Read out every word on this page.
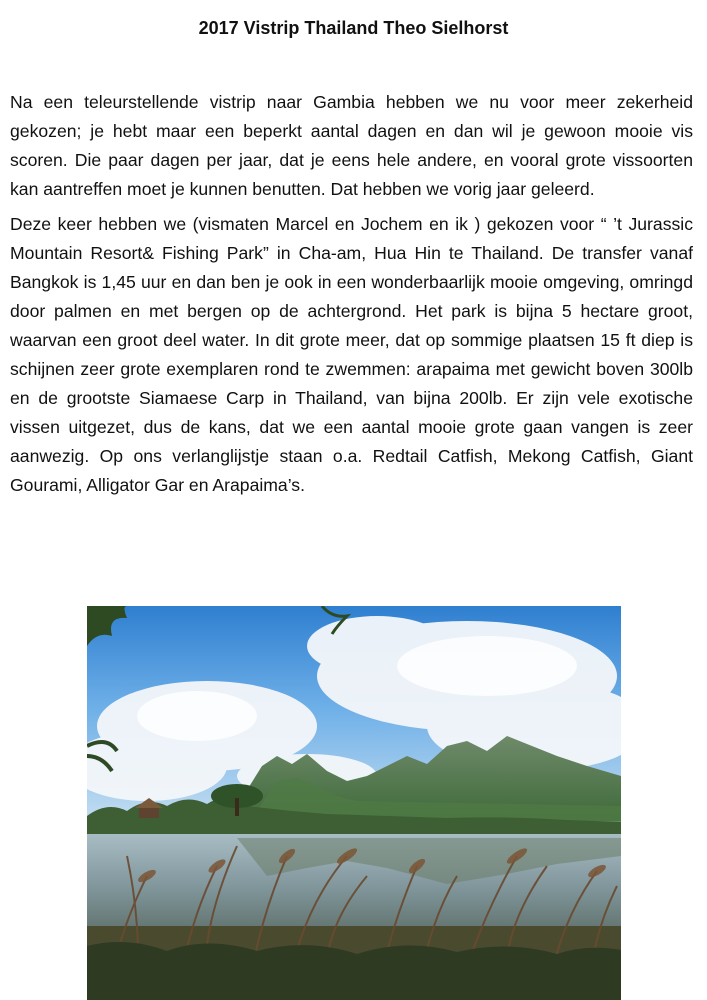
2017 Vistrip Thailand Theo Sielhorst

Na een teleurstellende vistrip naar Gambia hebben we nu voor meer zekerheid gekozen; je hebt maar een beperkt aantal dagen en dan wil je gewoon mooie vis scoren. Die paar dagen per jaar, dat je eens hele andere, en vooral grote vissoorten kan aantreffen moet je kunnen benutten. Dat hebben we vorig jaar geleerd.

Deze keer hebben we (vismaten Marcel en Jochem en ik ) gekozen voor “ ’t Jurassic Mountain Resort& Fishing Park” in Cha-am, Hua Hin te Thailand. De transfer vanaf Bangkok is 1,45 uur en dan ben je ook in een wonderbaarlijk mooie omgeving, omringd door palmen en met bergen op de achtergrond. Het park is bijna 5 hectare groot, waarvan een groot deel water. In dit grote meer, dat op sommige plaatsen 15 ft diep is schijnen zeer grote exemplaren rond te zwemmen: arapaima met gewicht boven 300lb en de grootste Siamaese Carp in Thailand, van bijna 200lb. Er zijn vele exotische vissen uitgezet, dus de kans, dat we een aantal mooie grote gaan vangen is zeer aanwezig. Op ons verlanglijstje staan o.a. Redtail Catfish, Mekong Catfish, Giant Gourami, Alligator Gar en Arapaima’s.
